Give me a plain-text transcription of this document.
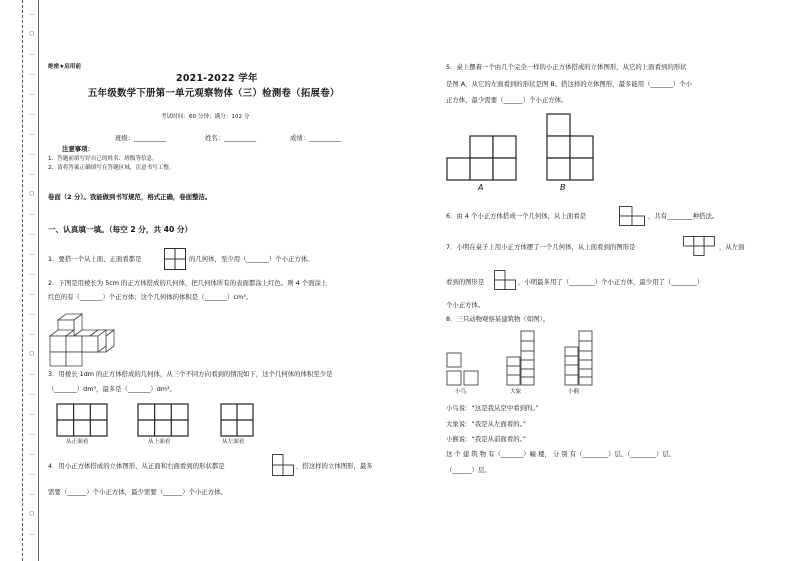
…
○
…
…
…
…
…
…
…
○
…
…
…
…
…
…
…
○
…
…
…
…
…
…
…
○
…
绝密★启用前
2021-2022 学年
五年级数学下册第一单元观察物体（三）检测卷（拓展卷）
考试时间：60 分钟；满分：102 分
班级：__________	姓名：__________	成绩：__________
注意事项：
1．答题前填写好自己的姓名、班级等信息。
2．请将答案正确填写在答题区域，注意书写工整。
卷面（2 分）。我能做到书写规范，格式正确，卷面整洁。
一、认真填一填。（每空 2 分，共 40 分）
1．要搭一个从上面、正面看都是	的几何体，至少用（_______）个小正方体。
2．下图是用棱长为 5cm 的正方体搭成的几何体，把几何体所有的表面都涂上红色。则 4 个面涂上
红色的有（_______）个正方体；这个几何体的体积是（_______）cm³。
3．用棱长 1dm 的正方体搭成的几何体，从三个不同方向看到的情况如下，这个几何体的体积至少是
（_______）dm³，最多是（_______）dm³。
从正面看	从上面看	从左面看
4．用小正方体搭成的立体图形，从正面和右面看到的形状都是	，搭这样的立体图形，最多
需要（______）个小正方体，最少需要（______）个小正方体。
5．桌上摆着一个由几个完全一样的小正方体搭成的立体图形，从它的上面看到的形状
是图 A，从它的左面看到的形状是图 B。搭这样的立体图形，最多能用（_______）个小
正方体，最少需要（______）个小正方体。
A	B
6．由 4 个小正方体搭成一个几何体，从上面看是	，共有________种搭法。
7．小明在桌子上用小正方体摆了一个几何体，从上面看到的图形是	，从左面
看到的图形是	，小明最多用了（________）个小正方体，最少用了（________）
个小正方体。
8．三只动物观察某建筑物（如图）。
小鸟	大象	小猴
小鸟说：“这是我从空中看到的。”
大象说：“我是从左面看的。”
小猴说：“我是从前面看的。”
这 个 建 筑 物 有（_______）幢 楼， 分 别 有（________）层、（________）层、
（______）层。
